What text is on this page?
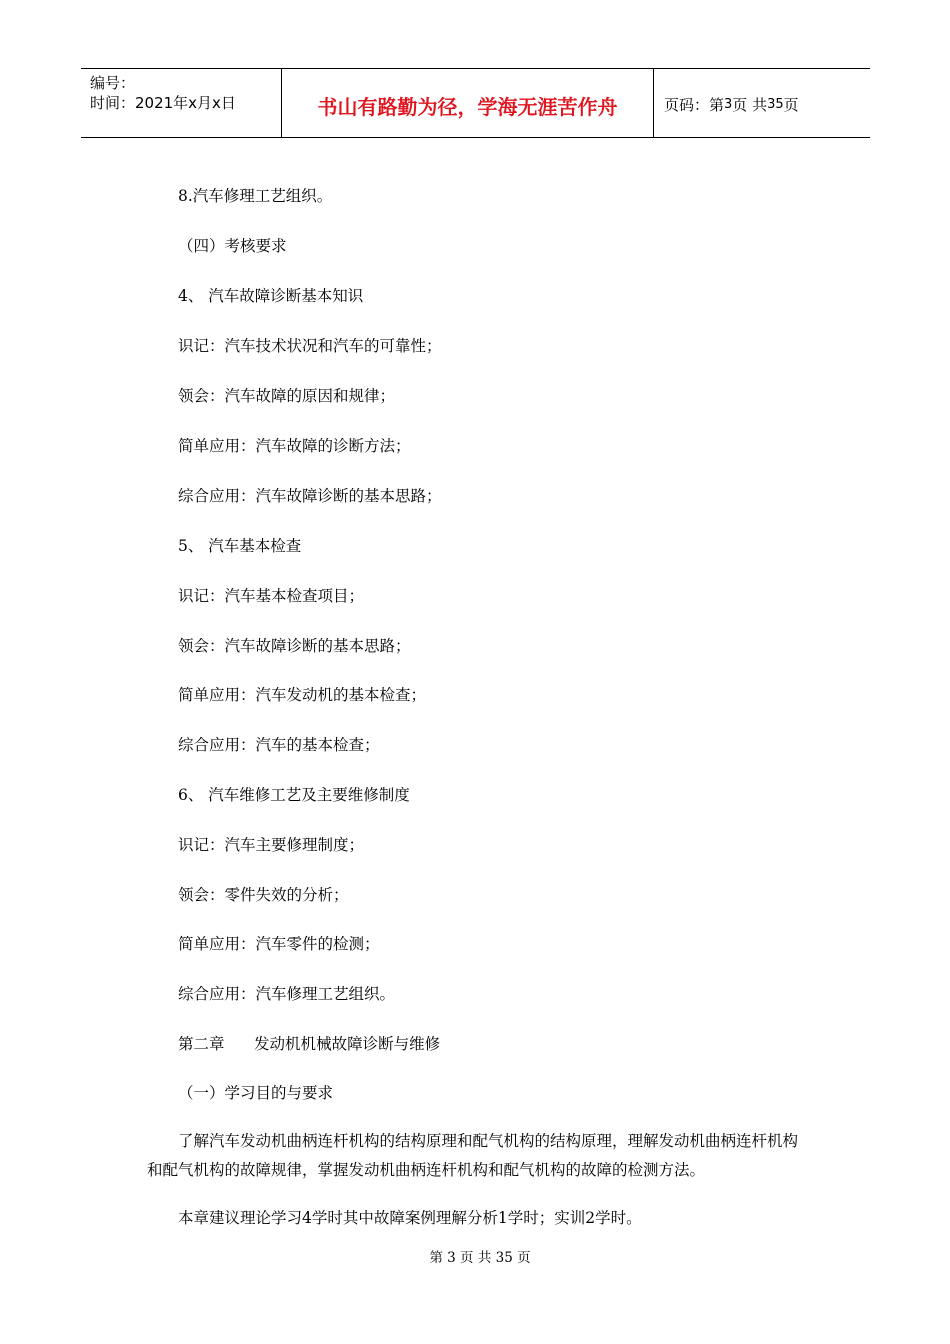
编号：
时间：2021年x月x日	书山有路勤为径，学海无涯苦作舟	页码：第 3 页 共 35 页
8.汽车修理工艺组织。
（四）考核要求
4、 汽车故障诊断基本知识
识记：汽车技术状况和汽车的可靠性；
领会：汽车故障的原因和规律；
简单应用：汽车故障的诊断方法；
综合应用：汽车故障诊断的基本思路；
5、 汽车基本检查
识记：汽车基本检查项目；
领会：汽车故障诊断的基本思路；
简单应用：汽车发动机的基本检查；
综合应用：汽车的基本检查；
6、 汽车维修工艺及主要维修制度
识记：汽车主要修理制度；
领会：零件失效的分析；
简单应用：汽车零件的检测；
综合应用：汽车修理工艺组织。
第二章      发动机机械故障诊断与维修
（一）学习目的与要求
了解汽车发动机曲柄连杆机构的结构原理和配气机构的结构原理，理解发动机曲柄连杆机构和配气机构的故障规律，掌握发动机曲柄连杆机构和配气机构的故障的检测方法。
本章建议理论学习4学时其中故障案例理解分析1学时；实训2学时。
第 3 页 共 35 页
